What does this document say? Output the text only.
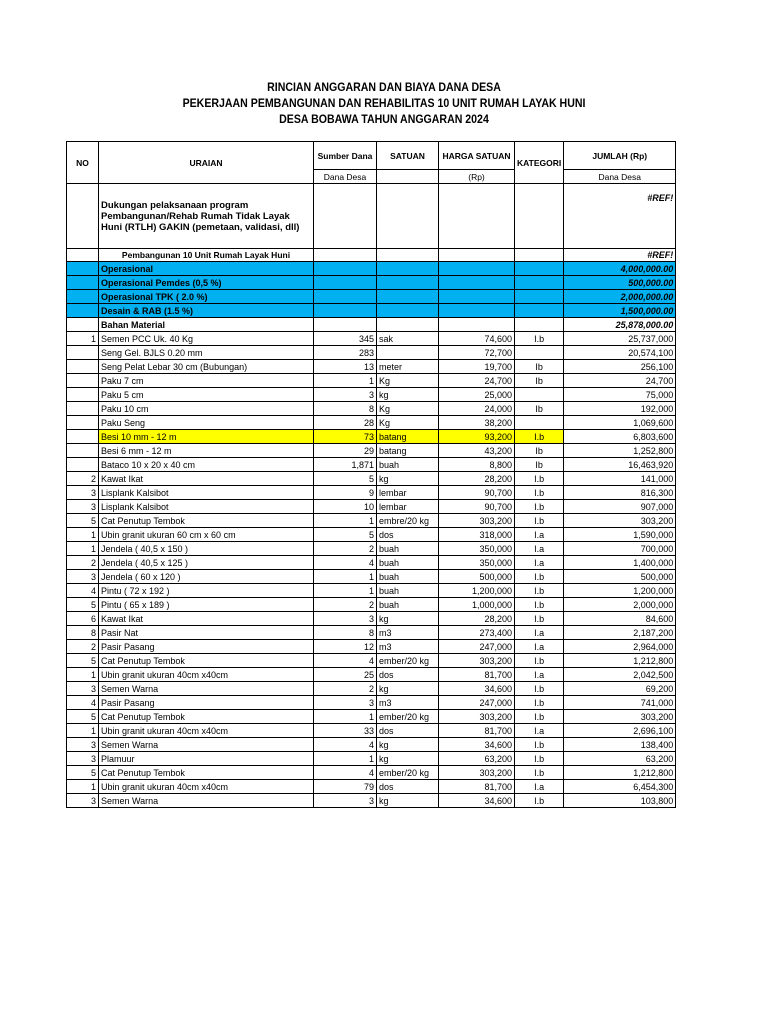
RINCIAN ANGGARAN DAN BIAYA DANA DESA
PEKERJAAN PEMBANGUNAN DAN REHABILITAS 10 UNIT RUMAH LAYAK HUNI
DESA BOBAWA TAHUN ANGGARAN 2024
NO	URAIAN	Sumber Dana	SATUAN	HARGA SATUAN	KATEGORI	JUMLAH (Rp)
		Dana Desa		(Rp)		Dana Desa
	Dukungan pelaksanaan program Pembangunan/Rehab Rumah Tidak Layak Huni (RTLH) GAKIN (pemetaan, validasi, dll)					#REF!
	Pembangunan 10 Unit Rumah Layak Huni					#REF!
	Operasional					4,000,000.00
	Operasional Pemdes (0,5 %)					500,000.00
	Operasional TPK ( 2.0 %)					2,000,000.00
	Desain & RAB (1.5 %)					1,500,000.00
	Bahan Material					25,878,000.00
1	Semen PCC Uk. 40 Kg	345	sak	74,600	I.b	25,737,000
	Seng Gel. BJLS 0.20 mm	283		72,700		20,574,100
	Seng Pelat Lebar 30 cm (Bubungan)	13	meter	19,700	Ib	256,100
	Paku 7 cm	1	Kg	24,700	Ib	24,700
	Paku 5 cm	3	kg	25,000		75,000
	Paku 10 cm	8	Kg	24,000	Ib	192,000
	Paku Seng	28	Kg	38,200		1,069,600
	Besi 10 mm - 12 m	73	batang	93,200	I.b	6,803,600
	Besi 6 mm - 12 m	29	batang	43,200	Ib	1,252,800
	Bataco 10 x 20 x 40 cm	1,871	buah	8,800	Ib	16,463,920
2	Kawat Ikat	5	kg	28,200	I.b	141,000
3	Lisplank Kalsibot	9	lembar	90,700	I.b	816,300
3	Lisplank Kalsibot	10	lembar	90,700	I.b	907,000
5	Cat Penutup Tembok	1	embre/20 kg	303,200	I.b	303,200
1	Ubin granit ukuran 60 cm x 60 cm	5	dos	318,000	I.a	1,590,000
1	Jendela ( 40,5 x 150 )	2	buah	350,000	I.a	700,000
2	Jendela ( 40,5 x 125 )	4	buah	350,000	I.a	1,400,000
3	Jendela ( 60 x 120 )	1	buah	500,000	I.b	500,000
4	Pintu ( 72 x 192 )	1	buah	1,200,000	I.b	1,200,000
5	Pintu ( 65 x 189 )	2	buah	1,000,000	I.b	2,000,000
6	Kawat Ikat	3	kg	28,200	I.b	84,600
8	Pasir Nat	8	m3	273,400	I.a	2,187,200
2	Pasir Pasang	12	m3	247,000	I.a	2,964,000
5	Cat Penutup Tembok	4	ember/20 kg	303,200	I.b	1,212,800
1	Ubin granit ukuran 40cm x40cm	25	dos	81,700	I.a	2,042,500
3	Semen Warna	2	kg	34,600	I.b	69,200
4	Pasir Pasang	3	m3	247,000	I.b	741,000
5	Cat Penutup Tembok	1	ember/20 kg	303,200	I.b	303,200
1	Ubin granit ukuran 40cm x40cm	33	dos	81,700	I.a	2,696,100
3	Semen Warna	4	kg	34,600	I.b	138,400
3	Plamuur	1	kg	63,200	I.b	63,200
5	Cat Penutup Tembok	4	ember/20 kg	303,200	I.b	1,212,800
1	Ubin granit ukuran 40cm x40cm	79	dos	81,700	I.a	6,454,300
3	Semen Warna	3	kg	34,600	I.b	103,800
